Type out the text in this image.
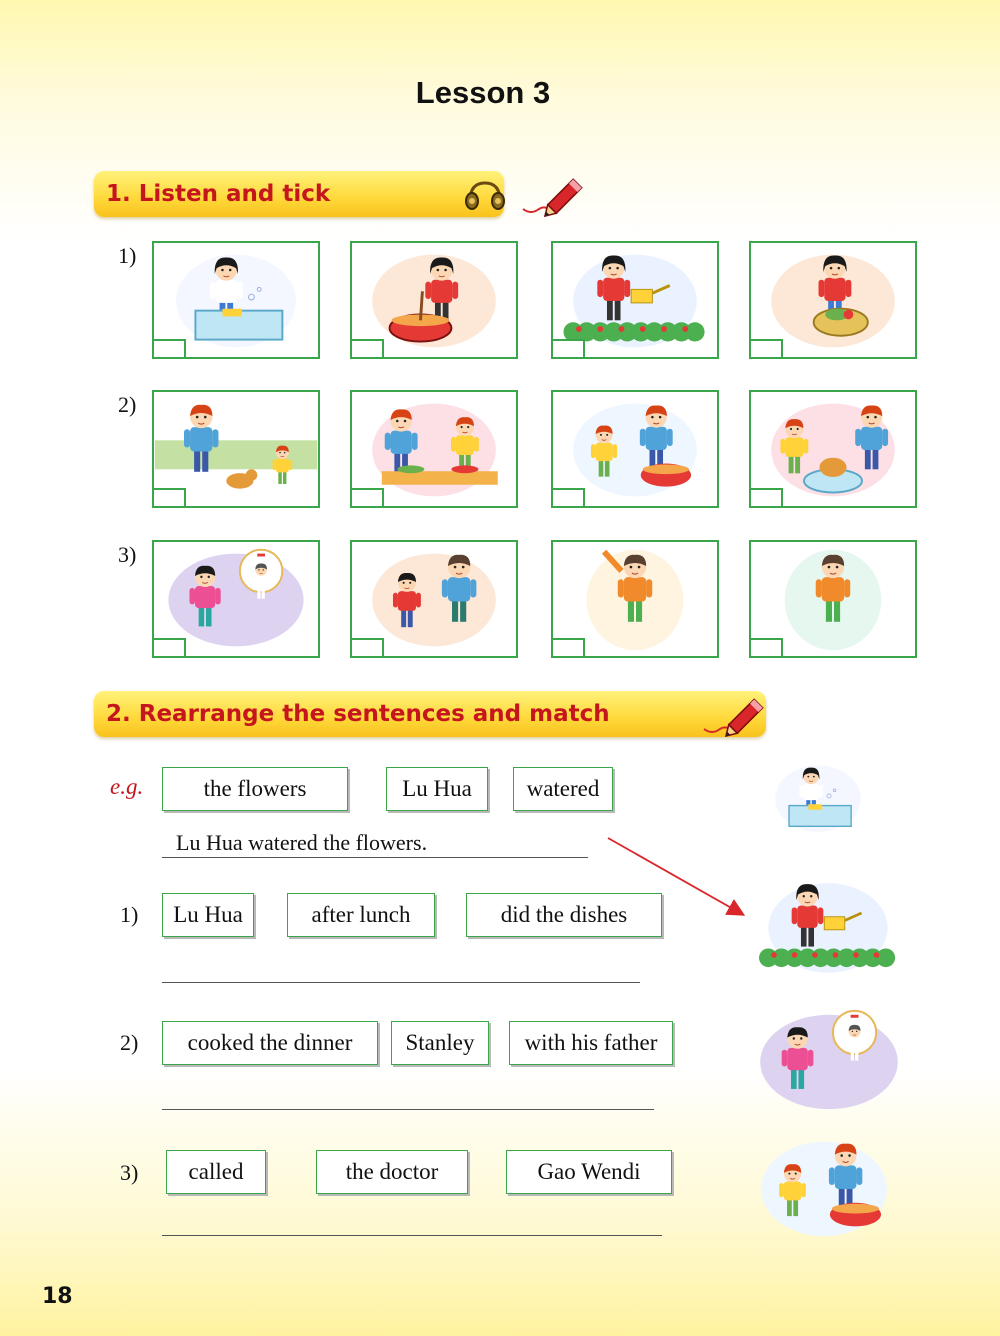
Lesson 3
1. Listen and tick
1)
2)
3)
2. Rearrange the sentences and match
e.g.	the flowers	Lu Hua	watered
Lu Hua watered the flowers.
1)	Lu Hua	after lunch	did the dishes
2)	cooked the dinner	Stanley	with his father
3)	called	the doctor	Gao Wendi
18
